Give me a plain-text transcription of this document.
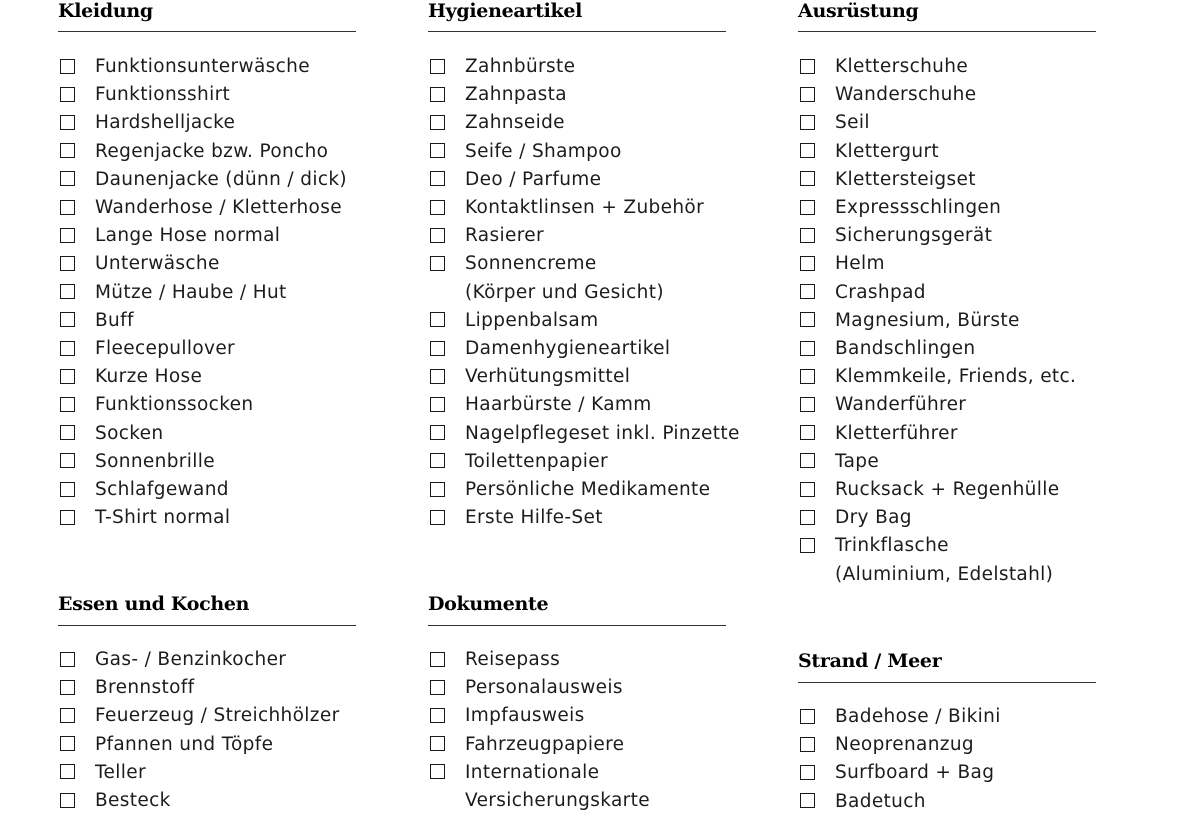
Kleidung
Funktionsunterwäsche
Funktionsshirt
Hardshelljacke
Regenjacke bzw. Poncho
Daunenjacke (dünn / dick)
Wanderhose / Kletterhose
Lange Hose normal
Unterwäsche
Mütze / Haube / Hut
Buff
Fleecepullover
Kurze Hose
Funktionssocken
Socken
Sonnenbrille
Schlafgewand
T-Shirt normal
Hygieneartikel
Zahnbürste
Zahnpasta
Zahnseide
Seife / Shampoo
Deo / Parfume
Kontaktlinsen + Zubehör
Rasierer
Sonnencreme
(Körper und Gesicht)
Lippenbalsam
Damenhygieneartikel
Verhütungsmittel
Haarbürste / Kamm
Nagelpflegeset inkl. Pinzette
Toilettenpapier
Persönliche Medikamente
Erste Hilfe-Set
Ausrüstung
Kletterschuhe
Wanderschuhe
Seil
Klettergurt
Klettersteigset
Expressschlingen
Sicherungsgerät
Helm
Crashpad
Magnesium, Bürste
Bandschlingen
Klemmkeile, Friends, etc.
Wanderführer
Kletterführer
Tape
Rucksack + Regenhülle
Dry Bag
Trinkflasche
(Aluminium, Edelstahl)
Essen und Kochen
Gas- / Benzinkocher
Brennstoff
Feuerzeug / Streichhölzer
Pfannen und Töpfe
Teller
Besteck
Dokumente
Reisepass
Personalausweis
Impfausweis
Fahrzeugpapiere
Internationale
Versicherungskarte
Strand / Meer
Badehose / Bikini
Neoprenanzug
Surfboard + Bag
Badetuch
